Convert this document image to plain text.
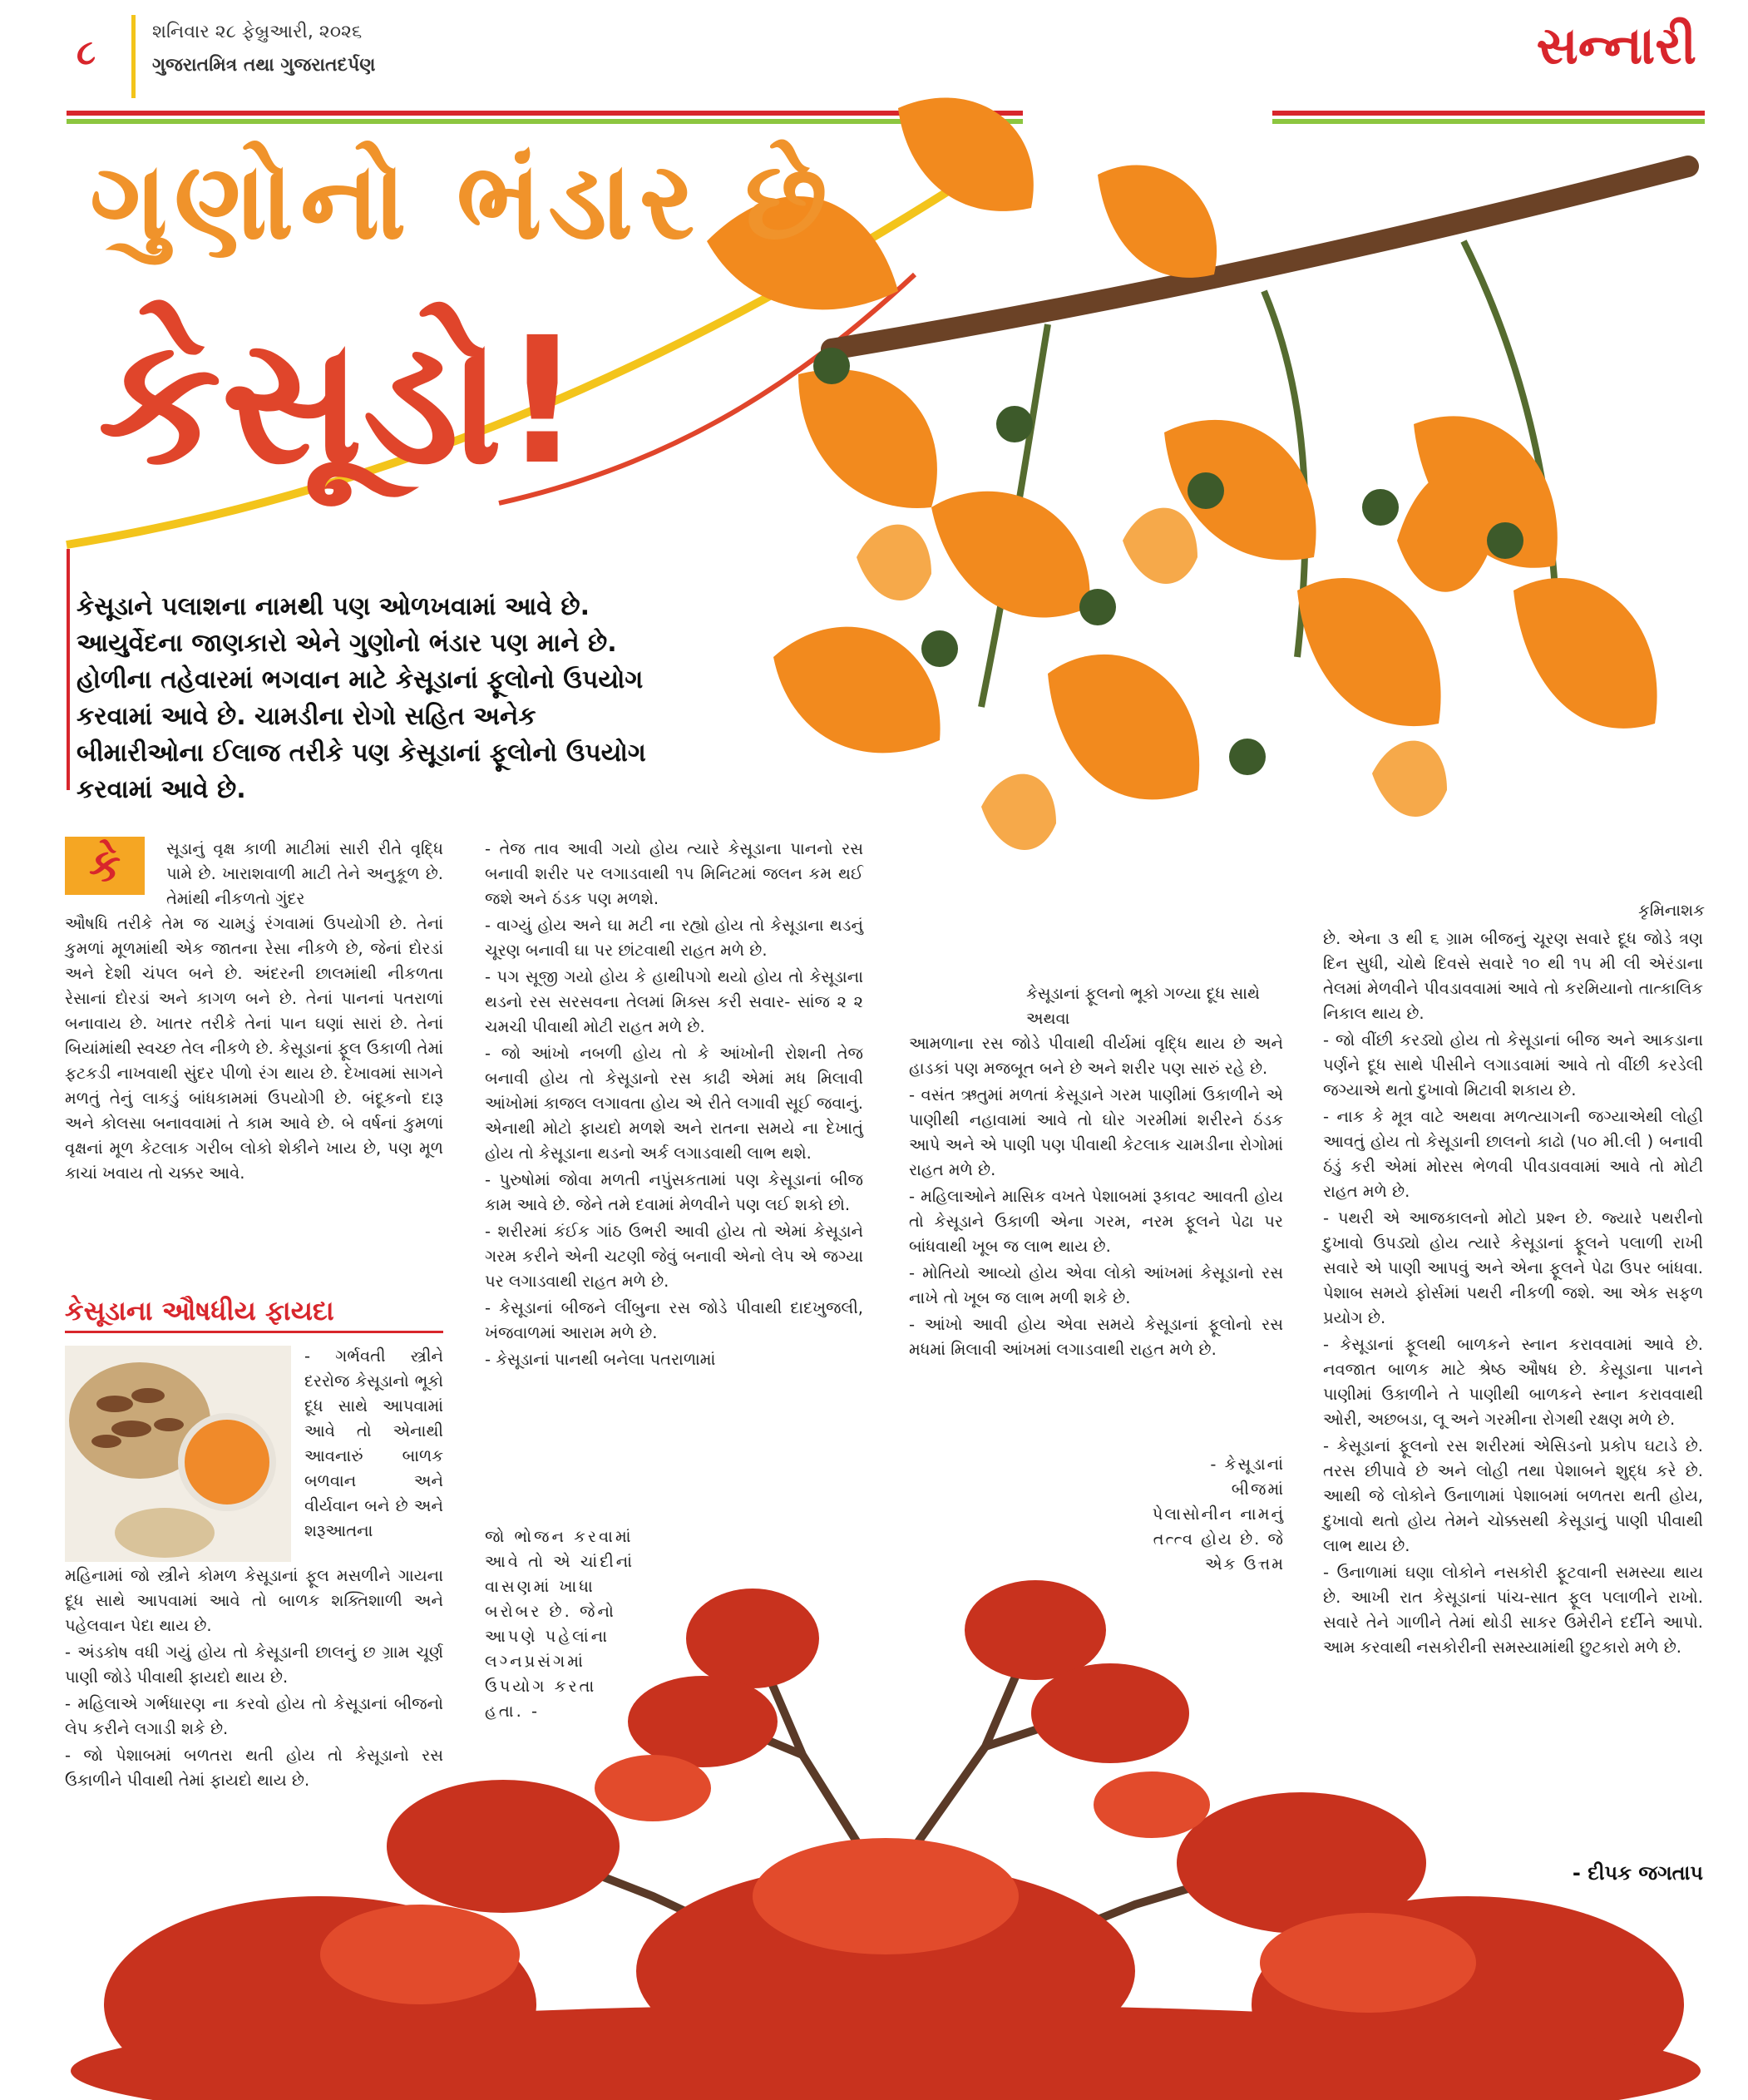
૮	શનિવાર ૨૮ ફેબ્રુઆરી, ૨૦૨૬
ગુજરાતમિત્ર તથા ગુજરાતદર્પણ	સન્નારી
ગુણોનો ભંડાર છે
કેસૂડો!
કેસૂડાને પલાશના નામથી પણ ઓળખવામાં આવે છે. આયુર્વેદના જાણકારો એને ગુણોનો ભંડાર પણ માને છે. હોળીના તહેવારમાં ભગવાન માટે કેસૂડાનાં ફૂલોનો ઉપયોગ કરવામાં આવે છે. ચામડીના રોગો સહિત અનેક બીમારીઓના ઈલાજ તરીકે પણ કેસૂડાનાં ફૂલોનો ઉપયોગ કરવામાં આવે છે.
કે	સૂડાનું વૃક્ષ કાળી માટીમાં સારી રીતે વૃદ્ધિ પામે છે. ખારાશવાળી માટી તેને અનુકૂળ છે. તેમાંથી નીકળતો ગુંદર
ઔષધિ તરીકે તેમ જ ચામડું રંગવામાં ઉપયોગી છે. તેનાં કુમળાં મૂળમાંથી એક જાતના રેસા નીકળે છે, જેનાં દોરડાં અને દેશી ચંપલ બને છે. અંદરની છાલમાંથી નીકળતા રેસાનાં દોરડાં અને કાગળ બને છે. તેનાં પાનનાં પતરાળાં બનાવાય છે. ખાતર તરીકે તેનાં પાન ઘણાં સારાં છે. તેનાં બિયાંમાંથી સ્વચ્છ તેલ નીકળે છે. કેસૂડાનાં ફૂલ ઉકાળી તેમાં ફટકડી નાખવાથી સુંદર પીળો રંગ થાય છે. દેખાવમાં સાગને મળતું તેનું લાકડું બાંધકામમાં ઉપયોગી છે. બંદૂકનો દારૂ અને કોલસા બનાવવામાં તે કામ આવે છે. બે વર્ષનાં કુમળાં વૃક્ષનાં મૂળ કેટલાક ગરીબ લોકો શેકીને ખાય છે, પણ મૂળ કાચાં ખવાય તો ચક્કર આવે.
કેસૂડાના ઔષધીય ફાયદા
- ગર્ભવતી સ્ત્રીને દરરોજ કેસૂડાનો ભૂકો દૂધ સાથે આપવામાં આવે તો એનાથી આવનારું બાળક બળવાન અને વીર્યવાન બને છે અને શરૂઆતના

મહિનામાં જો સ્ત્રીને કોમળ કેસૂડાનાં ફૂલ મસળીને ગાયના દૂધ સાથે આપવામાં આવે તો બાળક શક્તિશાળી અને પહેલવાન પેદા થાય છે.

- અંડકોષ વધી ગયું હોય તો કેસૂડાની છાલનું છ ગ્રામ ચૂર્ણ પાણી જોડે પીવાથી ફાયદો થાય છે.

- મહિલાએ ગર્ભધારણ ના કરવો હોય તો કેસૂડાનાં બીજનો લેપ કરીને લગાડી શકે છે.

- જો પેશાબમાં બળતરા થતી હોય તો કેસૂડાનો રસ ઉકાળીને પીવાથી તેમાં ફાયદો થાય છે.

- તેજ તાવ આવી ગયો હોય ત્યારે કેસૂડાના પાનનો રસ બનાવી શરીર પર લગાડવાથી ૧૫ મિનિટમાં જલન કમ થઈ જશે અને ઠંડક પણ મળશે.

- વાગ્યું હોય અને ઘા મટી ના રહ્યો હોય તો કેસૂડાના થડનું ચૂરણ બનાવી ઘા પર છાંટવાથી રાહત મળે છે.

- પગ સૂજી ગયો હોય કે હાથીપગો થયો હોય તો કેસૂડાના થડનો રસ સરસવના તેલમાં મિક્સ કરી સવાર- સાંજ ૨ ૨ ચમચી પીવાથી મોટી રાહત મળે છે.

- જો આંખો નબળી હોય તો કે આંખોની રોશની તેજ બનાવી હોય તો કેસૂડાનો રસ કાઢી એમાં મધ મિલાવી આંખોમાં કાજલ લગાવતા હોય એ રીતે લગાવી સૂઈ જવાનું. એનાથી મોટો ફાયદો મળશે અને રાતના સમયે ના દેખાતું હોય તો કેસૂડાના થડનો અર્ક લગાડવાથી લાભ થશે.

- પુરુષોમાં જોવા મળતી નપુંસકતામાં પણ કેસૂડાનાં બીજ કામ આવે છે. જેને તમે દવામાં મેળવીને પણ લઈ શકો છો.

- શરીરમાં કંઈક ગાંઠ ઉભરી આવી હોય તો એમાં કેસૂડાને ગરમ કરીને એની ચટણી જેવું બનાવી એનો લેપ એ જગ્યા પર લગાડવાથી રાહત મળે છે.

- કેસૂડાનાં બીજને લીંબુના રસ જોડે પીવાથી દાદખુજલી, ખંજવાળમાં આરામ મળે છે.

- કેસૂડાનાં પાનથી બનેલા પતરાળામાં

જો ભોજન કરવામાં આવે તો એ ચાંદીનાં વાસણમાં ખાધા બરોબર છે. જેનો આપણે પહેલાંના લગ્નપ્રસંગમાં ઉપયોગ કરતા હતા. -
કેસૂડાનાં ફૂલનો ભૂકો ગળ્યા દૂધ સાથે અથવા

આમળાના રસ જોડે પીવાથી વીર્યમાં વૃદ્ધિ થાય છે અને હાડકાં પણ મજબૂત બને છે અને શરીર પણ સારું રહે છે.

- વસંત ઋતુમાં મળતાં કેસૂડાને ગરમ પાણીમાં ઉકાળીને એ પાણીથી નહાવામાં આવે તો ઘોર ગરમીમાં શરીરને ઠંડક આપે અને એ પાણી પણ પીવાથી કેટલાક ચામડીના રોગોમાં રાહત મળે છે.

- મહિલાઓને માસિક વખતે પેશાબમાં રૂકાવટ આવતી હોય તો કેસૂડાને ઉકાળી એના ગરમ, નરમ ફૂલને પેઢા પર બાંધવાથી ખૂબ જ લાભ થાય છે.

- મોતિયો આવ્યો હોય એવા લોકો આંખમાં કેસૂડાનો રસ નાખે તો ખૂબ જ લાભ મળી શકે છે.

- આંખો આવી હોય એવા સમયે કેસૂડાનાં ફૂલોનો રસ મધમાં મિલાવી આંખમાં લગાડવાથી રાહત મળે છે.

- કેસૂડાનાં બીજમાં પેલાસોનીન નામનું તત્ત્વ હોય છે. જે એક ઉત્તમ
કૃમિનાશક

છે. એના ૩ થી ૬ ગ્રામ બીજનું ચૂરણ સવારે દૂધ જોડે ત્રણ દિન સુધી, ચોથે દિવસે સવારે ૧૦ થી ૧૫ મી લી એરંડાના તેલમાં મેળવીને પીવડાવવામાં આવે તો કરમિયાનો તાત્કાલિક નિકાલ થાય છે.

- જો વીંછી કરડ્યો હોય તો કેસૂડાનાં બીજ અને આકડાના પર્ણને દૂધ સાથે પીસીને લગાડવામાં આવે તો વીંછી કરડેલી જગ્યાએ થતો દુખાવો મિટાવી શકાય છે.

- નાક કે મૂત્ર વાટે અથવા મળત્યાગની જગ્યાએથી લોહી આવતું હોય તો કેસૂડાની છાલનો કાઢો (૫૦ મી.લી ) બનાવી ઠંડું કરી એમાં મોરસ ભેળવી પીવડાવવામાં આવે તો મોટી રાહત મળે છે.

- પથરી એ આજકાલનો મોટો પ્રશ્ન છે. જ્યારે પથરીનો દુખાવો ઉપડ્યો હોય ત્યારે કેસૂડાનાં ફૂલને પલાળી રાખી સવારે એ પાણી આપવું અને એના ફૂલને પેઢા ઉપર બાંધવા. પેશાબ સમયે ફોર્સમાં પથરી નીકળી જશે. આ એક સફળ પ્રયોગ છે.

- કેસૂડાનાં ફૂલથી બાળકને સ્નાન કરાવવામાં આવે છે. નવજાત બાળક માટે શ્રેષ્ઠ ઔષધ છે. કેસૂડાના પાનને પાણીમાં ઉકાળીને તે પાણીથી બાળકને સ્નાન કરાવવાથી ઓરી, અછબડા, લૂ અને ગરમીના રોગથી રક્ષણ મળે છે.

- કેસૂડાનાં ફૂલનો રસ શરીરમાં એસિડનો પ્રકોપ ઘટાડે છે. તરસ છીપાવે છે અને લોહી તથા પેશાબને શુદ્ધ કરે છે. આથી જે લોકોને ઉનાળામાં પેશાબમાં બળતરા થતી હોય, દુખાવો થતો હોય તેમને ચોક્કસથી કેસૂડાનું પાણી પીવાથી લાભ થાય છે.

- ઉનાળામાં ઘણા લોકોને નસકોરી ફૂટવાની સમસ્યા થાય છે. આખી રાત કેસૂડાનાં પાંચ-સાત ફૂલ પલાળીને રાખો. સવારે તેને ગાળીને તેમાં થોડી સાકર ઉમેરીને દર્દીને આપો. આમ કરવાથી નસકોરીની સમસ્યામાંથી છુટકારો મળે છે.

- દીપક જગતાપ
